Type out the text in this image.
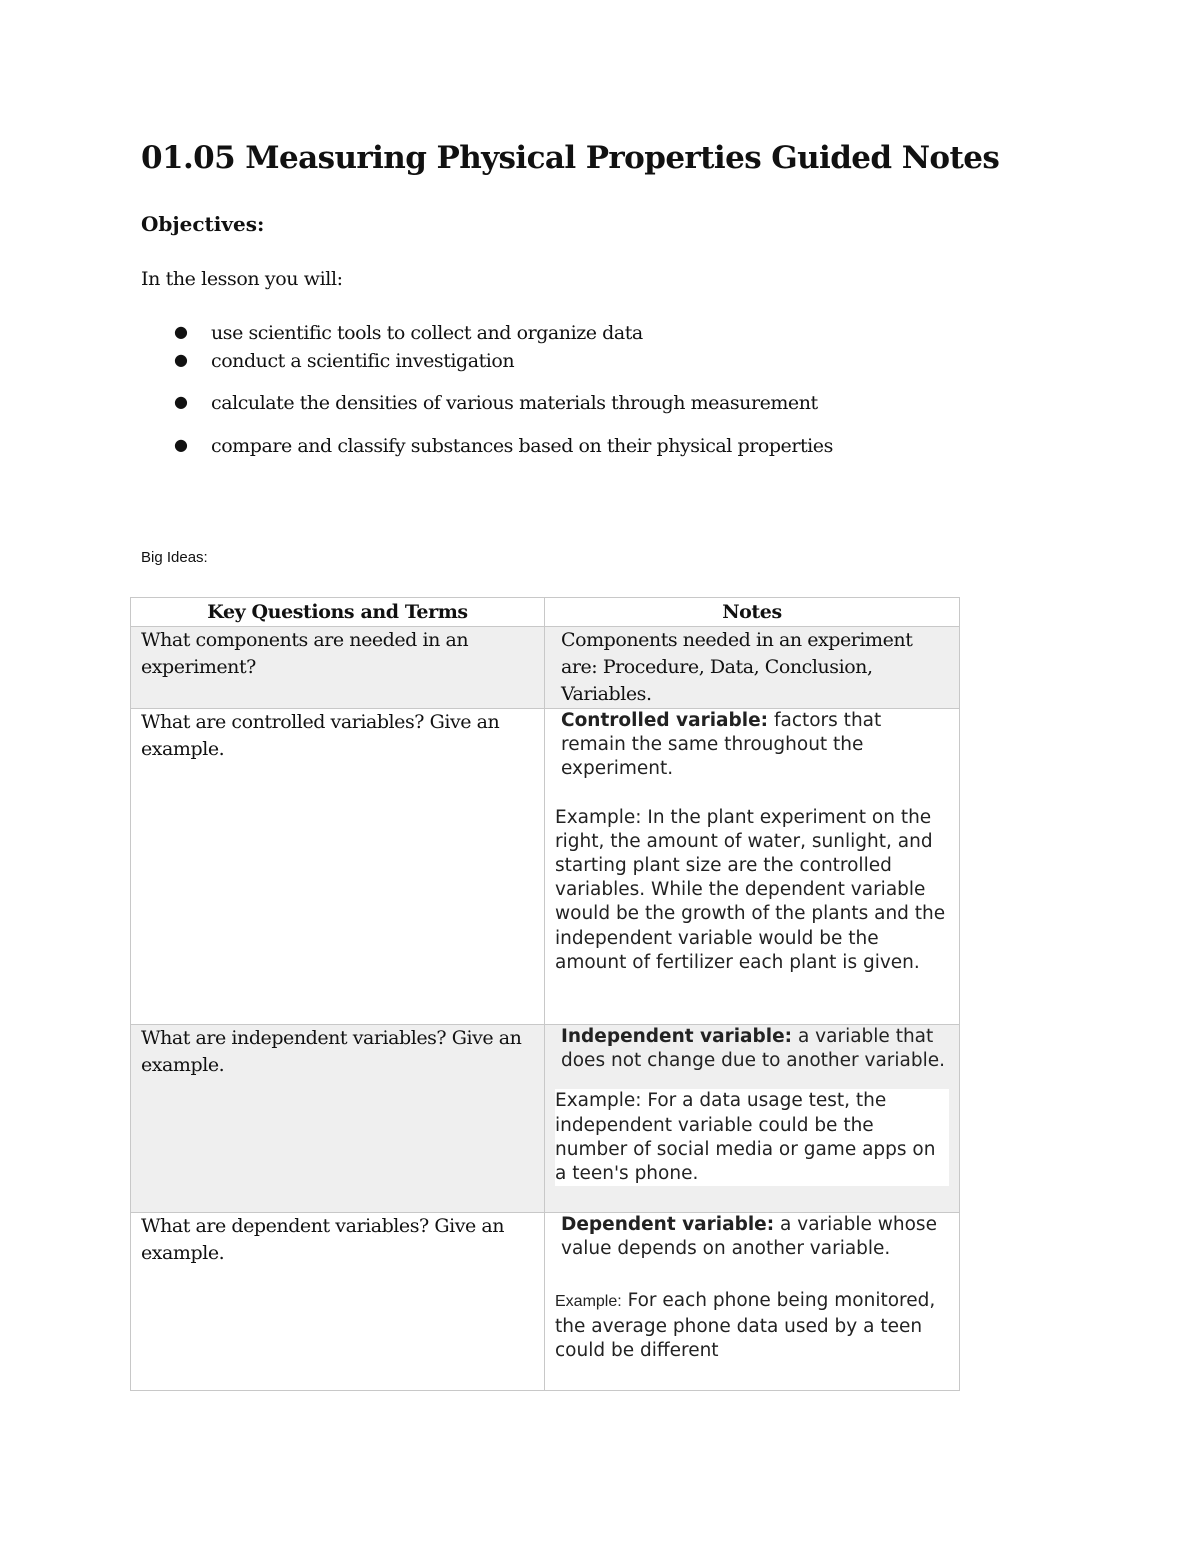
01.05 Measuring Physical Properties Guided Notes
Objectives:

In the lesson you will:

● use scientific tools to collect and organize data
● conduct a scientific investigation
● calculate the densities of various materials through measurement
● compare and classify substances based on their physical properties

Big Ideas:

Key Questions and Terms	Notes
What components are needed in an experiment?	Components needed in an experiment are: Procedure, Data, Conclusion, Variables.
What are controlled variables? Give an example.	Controlled variable: factors that remain the same throughout the experiment.
Example: In the plant experiment on the right, the amount of water, sunlight, and starting plant size are the controlled variables. While the dependent variable would be the growth of the plants and the independent variable would be the amount of fertilizer each plant is given.

What are independent variables? Give an example.	Independent variable: a variable that does not change due to another variable.
Example: For a data usage test, the independent variable could be the number of social media or game apps on a teen's phone.

What are dependent variables? Give an example.	Dependent variable: a variable whose value depends on another variable.
Example: For each phone being monitored, the average phone data used by a teen could be different
